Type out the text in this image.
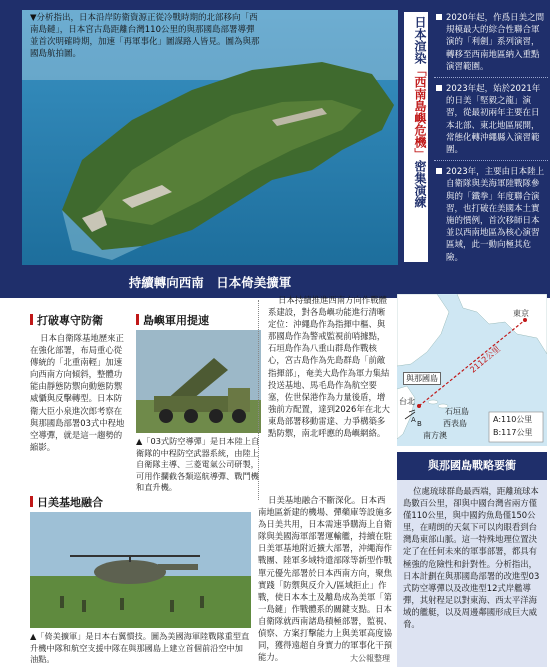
▼分析指出，日本沿岸防衛資源正從冷戰時期的北部移向「西南島鏈」，日本宮古島距離台灣110公里的與那國島部署導彈並首次明確時期，加速「再軍事化」圖謀路人皆見。圖為與那國島航拍圖。
持續轉向西南　日本倚美擴軍
日本渲染「西南島嶼危機」密集演練
2020年起，作爲日美之間規模最大的綜合性聯合軍演的「利劍」系列演習，轉移至西南地區納入重點演習範圍。
2023年起，始於2021年的日美「堅毅之龍」演習，從最初兩年主要在日本北部、東北地區展開，常態化轉沖繩縣入演習範圍。
2023年，主要由日本陸上自衛隊與美海軍陸戰隊參與的「鐵拳」年度聯合演習，也打破在美國本土實施的慣例，首次移師日本並以西南地區為核心演習區域，此一動向極其危險。
打破專守防衛

日本自衛隊基地歷來正在強化部署，布局重心從傳統的「北重南輕」加速向西南方向傾斜，整體功能由靜態防禦向動態防禦威懾與反擊轉型。日本防衛大臣小泉進次郎考察在與那國島部署03式中程地空導彈，就是這一趨勢的縮影。

島嶼軍用提速
▲「03式防空導彈」是日本陸上自衛隊的中程防空武器系統，由陸上自衛隊主導、三菱電氣公司研製，可用作攔截各類巡航導彈、戰鬥機和直升機。

日本持續推進西南方向作戰體系建設，對各島嶼功能進行清晰定位：沖繩島作為指揮中樞、與那國島作為警戒監視前哨據點，石垣島作為八重山群島作戰核心，宮古島作為先島群島「前敵指揮部」，奄美大島作為軍力集結投送基地、馬毛島作為航空要塞，佐世保港作為力量後盾，增強前方配置，達到2026年在北大東島部署移動雷達、力爭構築多點防禦，南北呼應的島嶼網絡。

日美基地融合
▲「倚美擴軍」是日本右翼慣技。圖為美國海軍陸戰隊重型直升機中隊和航空支援中隊在與那國島上建立首個前沿空中加油點。

日美基地融合不斷深化。日本西南地區新建的機場、彈藥庫等設施多為日美共用，日本需速爭購海上自衛隊與美國海軍部署運輸艦，持續在駐日美軍基地附近擴大部署，沖繩海作戰團、陸軍多域特遣部隊等新型作戰單元優先部署於日本西南方向，聚焦實踐「防禦與反介入/區域拒止」作戰，使日本本土及離島成為美軍「第一島鏈」作戰體系的關鍵支點。日本自衛隊就西南諸島積極部署，監視、偵察、方案打擊能力上與美軍高度協同，獲得遠超自身實力的軍事化干預能力。

東京
與那國島
台北
石垣島
西表島
南方澳
2112公里
A B	A:110公里
B:117公里
與那國島戰略要衝

位處琉球群島最西端，距離琉球本島數百公里，卻與中國台灣省兩方僅僅110公里，與中國釣魚島僅150公里，在晴朗的天氣下可以肉眼看到台灣島東部山脈。這一特殊地理位置決定了在任何未來的軍事部署，都具有極強的危險性和針對性。分析指出，日本計劃在與那國島部署的改進型03式防空導彈以及改進型12式岸艦導彈，其射程足以對東海、西太平洋海域的艦艇，以及周邊鄰國形成巨大威脅。

大公報整理
